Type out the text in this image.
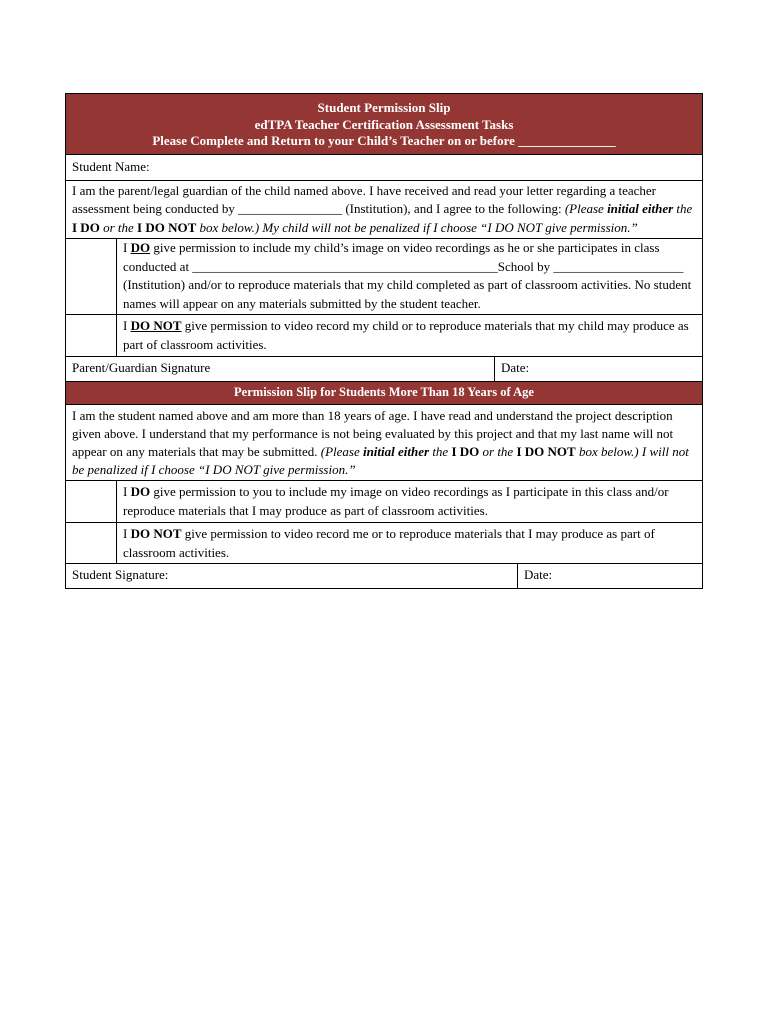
Student Permission Slip
edTPA Teacher Certification Assessment Tasks
Please Complete and Return to your Child’s Teacher on or before _______________
Student Name:
I am the parent/legal guardian of the child named above. I have received and read your letter regarding a teacher assessment being conducted by ________________ (Institution), and I agree to the following: (Please initial either the I DO or the I DO NOT box below.) My child will not be penalized if I choose “I DO NOT give permission.”
I DO give permission to include my child’s image on video recordings as he or she participates in class conducted at _______________________________________________School by ____________________ (Institution) and/or to reproduce materials that my child completed as part of classroom activities. No student names will appear on any materials submitted by the student teacher.
I DO NOT give permission to video record my child or to reproduce materials that my child may produce as part of classroom activities.
Parent/Guardian Signature	Date:
Permission Slip for Students More Than 18 Years of Age
I am the student named above and am more than 18 years of age. I have read and understand the project description given above. I understand that my performance is not being evaluated by this project and that my last name will not appear on any materials that may be submitted. (Please initial either the I DO or the I DO NOT box below.) I will not be penalized if I choose “I DO NOT give permission.”
I DO give permission to you to include my image on video recordings as I participate in this class and/or reproduce materials that I may produce as part of classroom activities.
I DO NOT give permission to video record me or to reproduce materials that I may produce as part of classroom activities.
Student Signature:	Date:
